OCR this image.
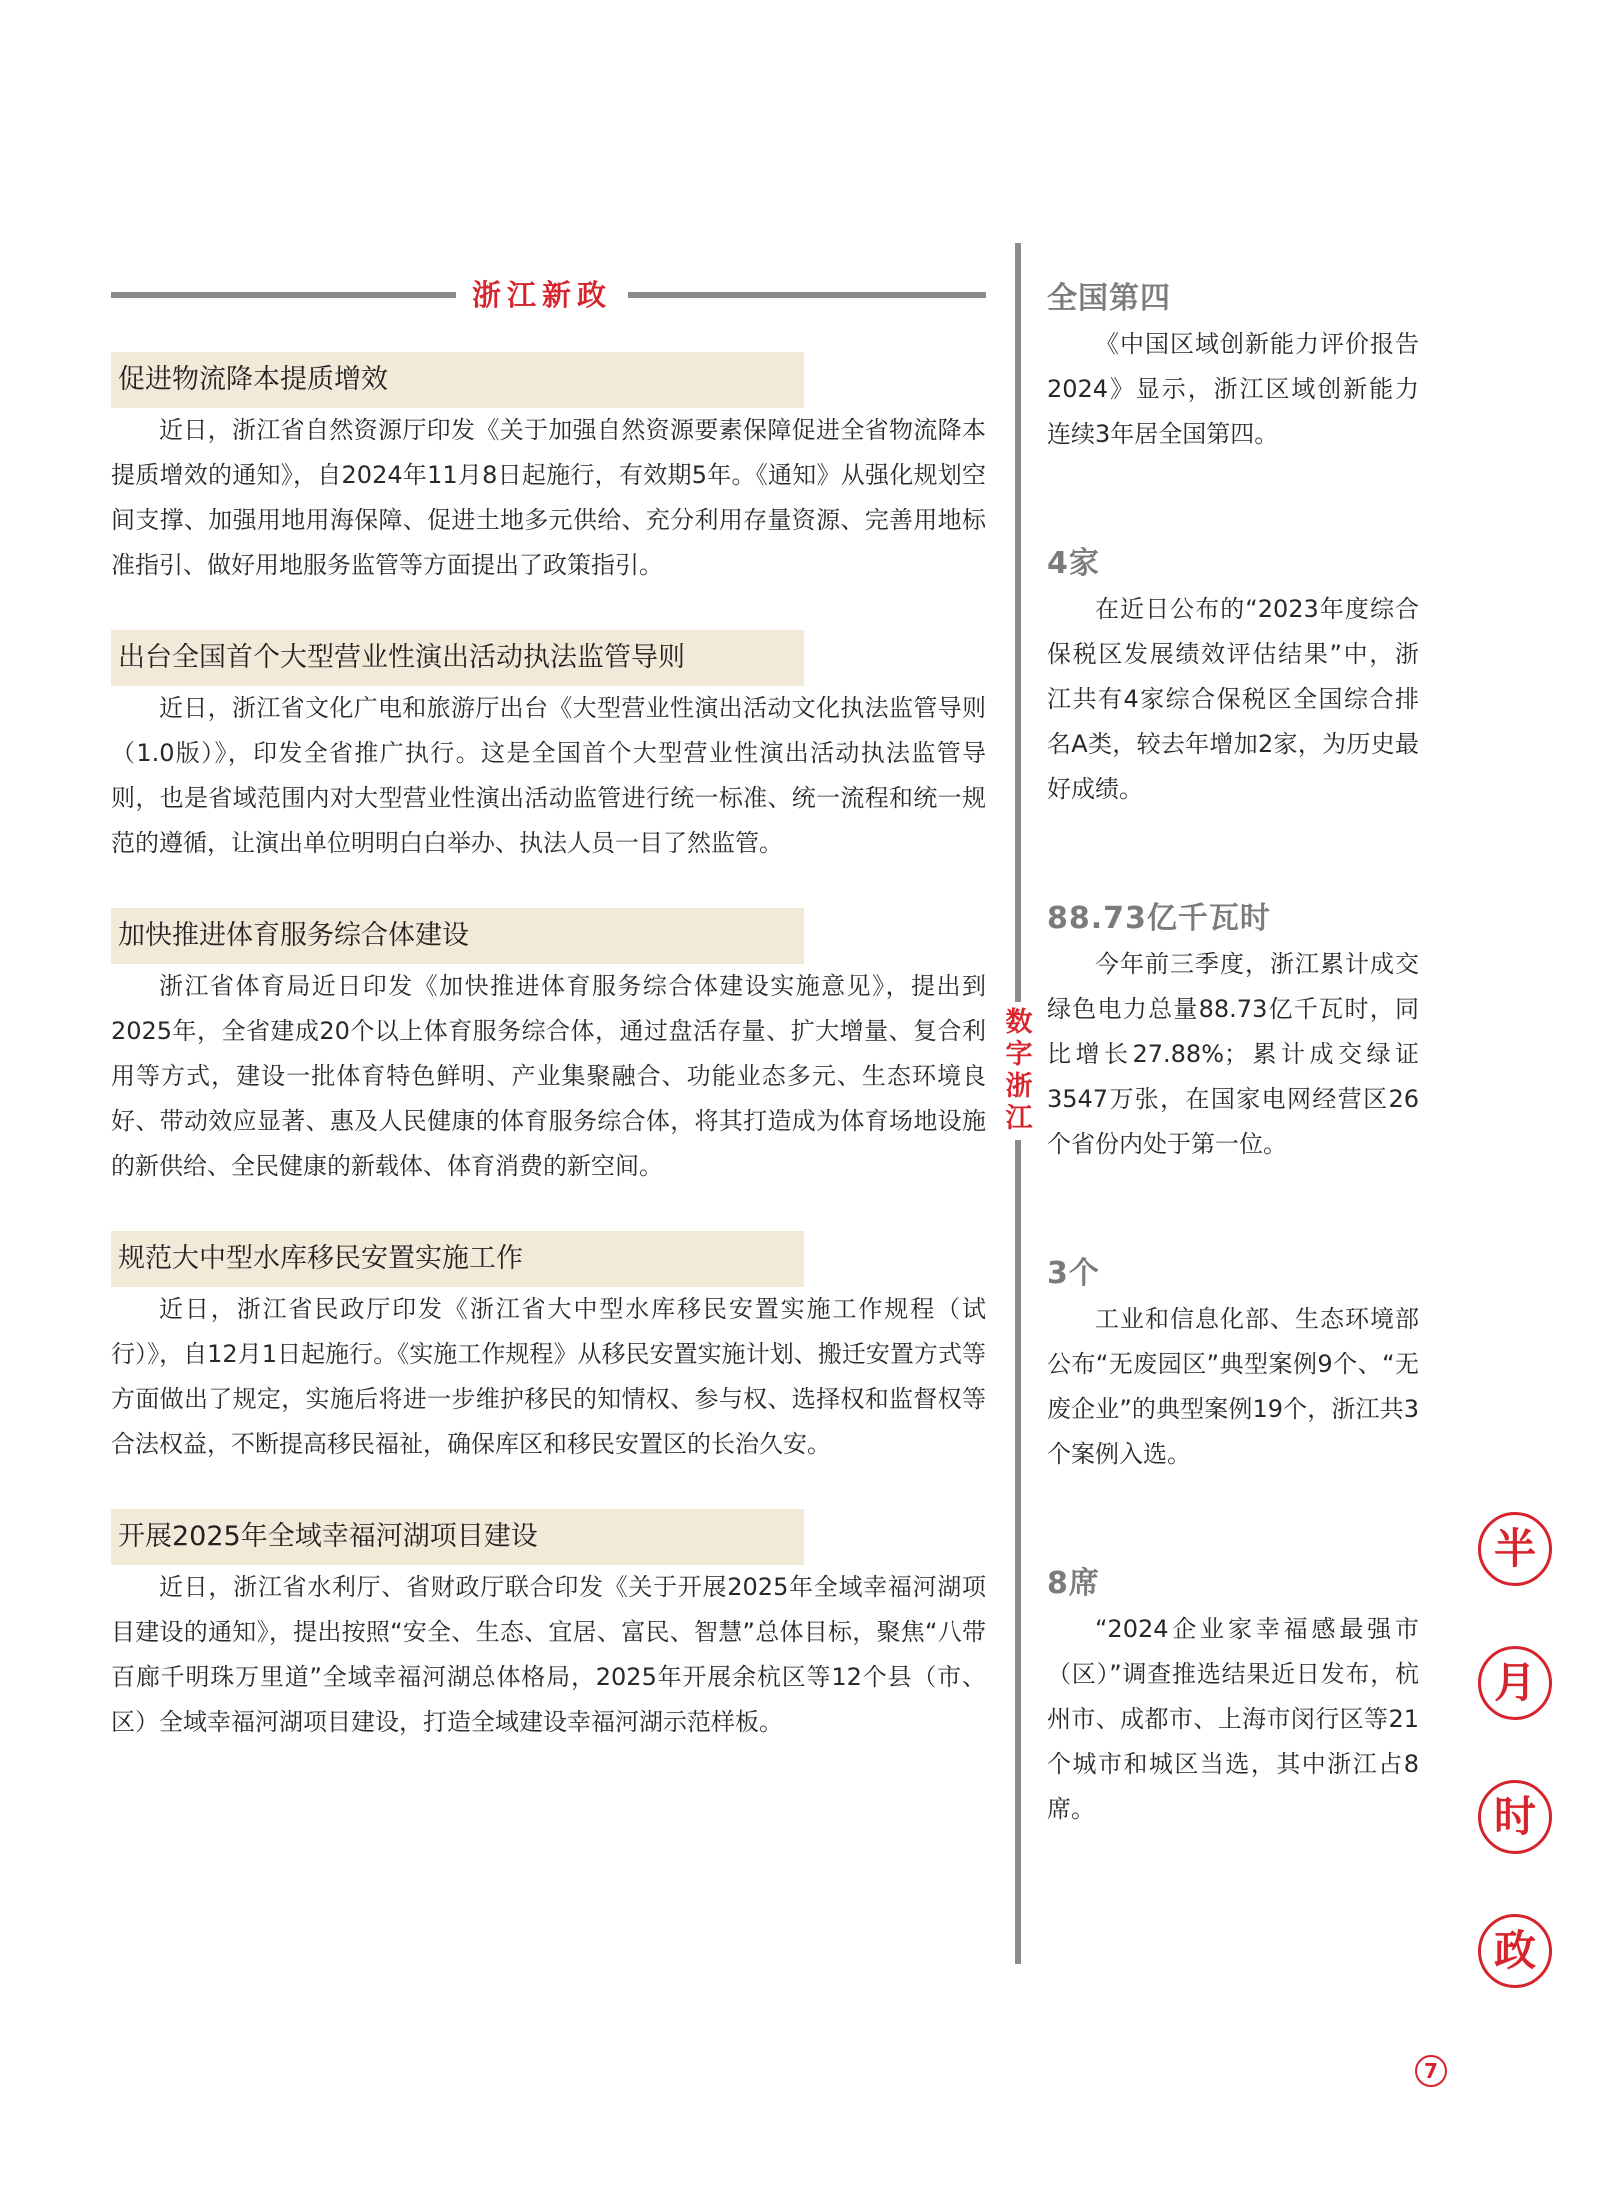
浙江新政
促进物流降本提质增效

近日，浙江省自然资源厅印发《关于加强自然资源要素保障促进全省物流降本提质增效的通知》，自2024年11月8日起施行，有效期5年。《通知》从强化规划空间支撑、加强用地用海保障、促进土地多元供给、充分利用存量资源、完善用地标准指引、做好用地服务监管等方面提出了政策指引。

出台全国首个大型营业性演出活动执法监管导则

近日，浙江省文化广电和旅游厅出台《大型营业性演出活动文化执法监管导则（1.0版）》，印发全省推广执行。这是全国首个大型营业性演出活动执法监管导则，也是省域范围内对大型营业性演出活动监管进行统一标准、统一流程和统一规范的遵循，让演出单位明明白白举办、执法人员一目了然监管。

加快推进体育服务综合体建设

浙江省体育局近日印发《加快推进体育服务综合体建设实施意见》，提出到2025年，全省建成20个以上体育服务综合体，通过盘活存量、扩大增量、复合利用等方式，建设一批体育特色鲜明、产业集聚融合、功能业态多元、生态环境良好、带动效应显著、惠及人民健康的体育服务综合体，将其打造成为体育场地设施的新供给、全民健康的新载体、体育消费的新空间。

规范大中型水库移民安置实施工作

近日，浙江省民政厅印发《浙江省大中型水库移民安置实施工作规程（试行）》，自12月1日起施行。《实施工作规程》从移民安置实施计划、搬迁安置方式等方面做出了规定，实施后将进一步维护移民的知情权、参与权、选择权和监督权等合法权益，不断提高移民福祉，确保库区和移民安置区的长治久安。

开展2025年全域幸福河湖项目建设

近日，浙江省水利厅、省财政厅联合印发《关于开展2025年全域幸福河湖项目建设的通知》，提出按照“安全、生态、宜居、富民、智慧”总体目标，聚焦“八带百廊千明珠万里道”全域幸福河湖总体格局，2025年开展余杭区等12个县（市、区）全域幸福河湖项目建设，打造全域建设幸福河湖示范样板。

数字浙江
全国第四

《中国区域创新能力评价报告2024》显示，浙江区域创新能力连续3年居全国第四。

4家

在近日公布的“2023年度综合保税区发展绩效评估结果”中，浙江共有4家综合保税区全国综合排名A类，较去年增加2家，为历史最好成绩。

88.73亿千瓦时

今年前三季度，浙江累计成交绿色电力总量88.73亿千瓦时，同比增长27.88%；累计成交绿证3547万张，在国家电网经营区26个省份内处于第一位。

3个

工业和信息化部、生态环境部公布“无废园区”典型案例9个、“无废企业”的典型案例19个，浙江共3个案例入选。

8席

“2024企业家幸福感最强市（区）”调查推选结果近日发布，杭州市、成都市、上海市闵行区等21个城市和城区当选，其中浙江占8席。

半
月
时
政
7
